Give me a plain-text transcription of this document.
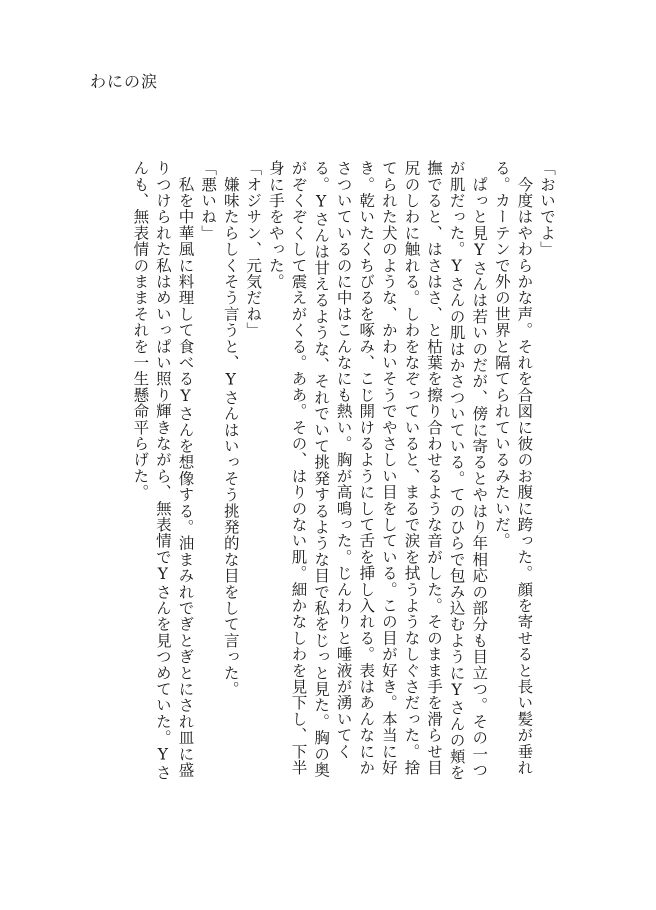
わにの涙
「おいでよ」
　今度はやわらかな声。それを合図に彼のお腹に跨った。顔を寄せると長い髪が垂れ
る。カーテンで外の世界と隔てられているみたいだ。
　ぱっと見Yさんは若いのだが、傍に寄るとやはり年相応の部分も目立つ。その一つ
が肌だった。Yさんの肌はかさついている。てのひらで包み込むようにYさんの頬を
撫でると、はさはさ、と枯葉を擦り合わせるような音がした。そのまま手を滑らせ目
尻のしわに触れる。しわをなぞっていると、まるで涙を拭うようなしぐさだった。捨
てられた犬のような、かわいそうでやさしい目をしている。この目が好き。本当に好
き。乾いたくちびるを啄み、こじ開けるようにして舌を挿し入れる。表はあんなにか
さついているのに中はこんなにも熱い。胸が高鳴った。じんわりと唾液が湧いてく
る。Yさんは甘えるような、それでいて挑発するような目で私をじっと見た。胸の奥
がぞくぞくして震えがくる。ああ。その、はりのない肌。細かなしわを見下し、下半
身に手をやった。
「オジサン、元気だね」
　嫌味たらしくそう言うと、Yさんはいっそう挑発的な目をして言った。
「悪いね」
　私を中華風に料理して食べるYさんを想像する。油まみれでぎとぎとにされ皿に盛
りつけられた私はめいっぱい照り輝きながら、無表情でYさんを見つめていた。Yさ
んも、無表情のままそれを一生懸命平らげた。
